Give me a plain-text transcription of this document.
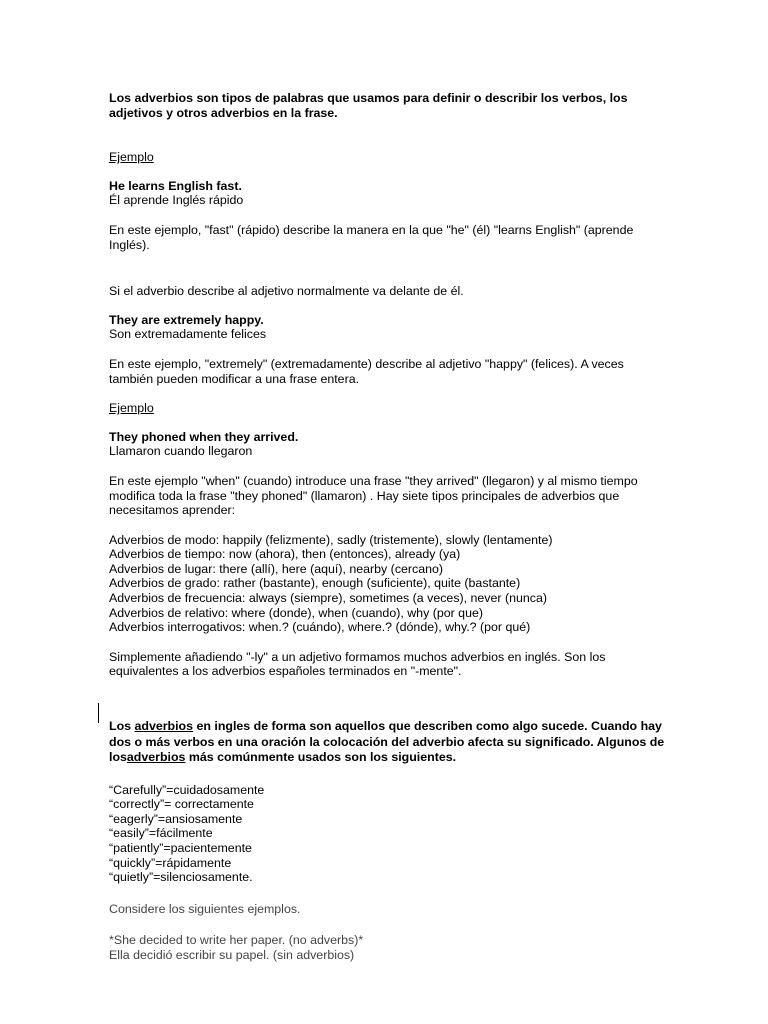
Los adverbios son tipos de palabras que usamos para definir o describir los verbos, los adjetivos y otros adverbios en la frase.

Ejemplo

He learns English fast.

Él aprende Inglés rápido

En este ejemplo, "fast" (rápido) describe la manera en la que "he" (él) "learns English" (aprende Inglés).

Si el adverbio describe al adjetivo normalmente va delante de él.

They are extremely happy.

Son extremadamente felices

En este ejemplo, "extremely" (extremadamente) describe al adjetivo "happy" (felices). A veces también pueden modificar a una frase entera.

Ejemplo

They phoned when they arrived.

Llamaron cuando llegaron

En este ejemplo "when" (cuando) introduce una frase "they arrived" (llegaron) y al mismo tiempo modifica toda la frase "they phoned" (llamaron) . Hay siete tipos principales de adverbios que necesitamos aprender:

Adverbios de modo: happily (felizmente), sadly (tristemente), slowly (lentamente)

Adverbios de tiempo: now (ahora), then (entonces), already (ya)

Adverbios de lugar: there (allí), here (aquí), nearby (cercano)

Adverbios de grado: rather (bastante), enough (suficiente), quite (bastante)

Adverbios de frecuencia: always (siempre), sometimes (a veces), never (nunca)

Adverbios de relativo: where (donde), when (cuando), why (por que)

Adverbios interrogativos: when.? (cuándo), where.? (dónde), why.? (por qué)

Simplemente añadiendo "-ly" a un adjetivo formamos muchos adverbios en inglés. Son los equivalentes a los adverbios españoles terminados en "-mente".

Los adverbios en ingles de forma son aquellos que describen como algo sucede. Cuando hay dos o más verbos en una oración la colocación del adverbio afecta su significado. Algunos de losadverbios más comúnmente usados son los siguientes.

“Carefully”=cuidadosamente

“correctly”= correctamente

“eagerly”=ansiosamente

“easily”=fácilmente

“patiently”=pacientemente

“quickly”=rápidamente

“quietly”=silenciosamente.

Considere los siguientes ejemplos.

*She decided to write her paper. (no adverbs)*

Ella decidió escribir su papel. (sin adverbios)
